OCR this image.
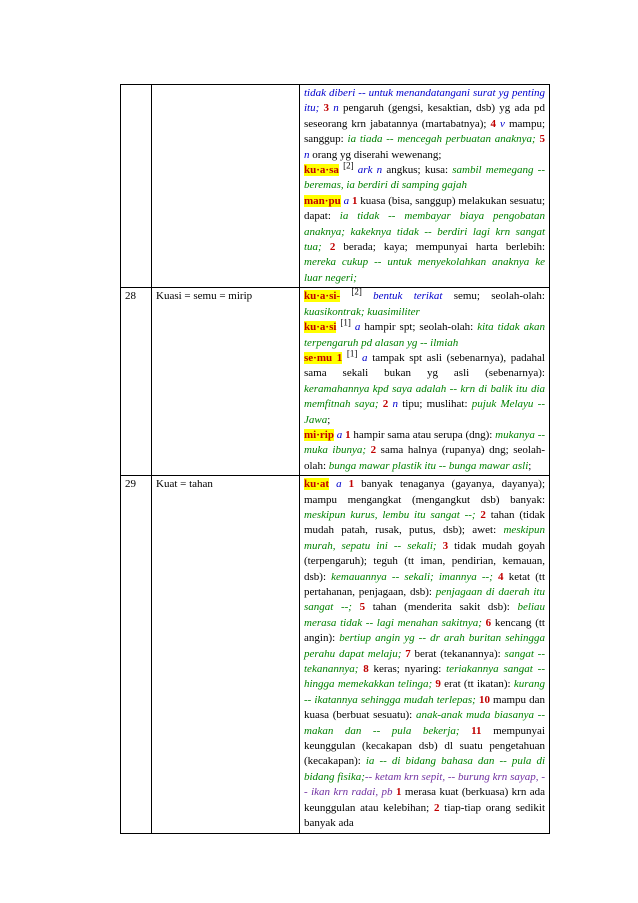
		tidak diberi -- untuk menandatangani surat yg penting itu; 3 n pengaruh (gengsi, kesaktian, dsb) yg ada pd seseorang krn jabatannya (martabatnya); 4 v mampu; sanggup: ia tiada -- mencegah perbuatan anaknya; 5 n orang yg diserahi wewenang;
ku·a·sa [2] ark n angkus; kusa: sambil memegang -- beremas, ia berdiri di samping gajah
man·pu a 1 kuasa (bisa, sanggup) melakukan sesuatu; dapat: ia tidak -- membayar biaya pengobatan anaknya; kakeknya tidak -- berdiri lagi krn sangat tua; 2 berada; kaya; mempunyai harta berlebih: mereka cukup -- untuk menyekolahkan anaknya ke luar negeri;
28	Kuasi = semu = mirip	ku·a·si- [2] bentuk terikat semu; seolah-olah: kuasikontrak; kuasimiliter
ku·a·si [1] a hampir spt; seolah-olah: kita tidak akan terpengaruh pd alasan yg -- ilmiah
se·mu 1 [1] a tampak spt asli (sebenarnya), padahal sama sekali bukan yg asli (sebenarnya): keramahannya kpd saya adalah -- krn di balik itu dia memfitnah saya; 2 n tipu; muslihat: pujuk Melayu -- Jawa;
mi·rip a 1 hampir sama atau serupa (dng): mukanya -- muka ibunya; 2 sama halnya (rupanya) dng; seolah-olah: bunga mawar plastik itu -- bunga mawar asli;
29	Kuat = tahan	ku·at a 1 banyak tenaganya (gayanya, dayanya); mampu mengangkat (mengangkut dsb) banyak: meskipun kurus, lembu itu sangat --; 2 tahan (tidak mudah patah, rusak, putus, dsb); awet: meskipun murah, sepatu ini -- sekali; 3 tidak mudah goyah (terpengaruh); teguh (tt iman, pendirian, kemauan, dsb): kemauannya -- sekali; imannya --; 4 ketat (tt pertahanan, penjagaan, dsb): penjagaan di daerah itu sangat --; 5 tahan (menderita sakit dsb): beliau merasa tidak -- lagi menahan sakitnya; 6 kencang (tt angin): bertiup angin yg -- dr arah buritan sehingga perahu dapat melaju; 7 berat (tekanannya): sangat -- tekanannya; 8 keras; nyaring: teriakannya sangat -- hingga memekakkan telinga; 9 erat (tt ikatan): kurang -- ikatannya sehingga mudah terlepas; 10 mampu dan kuasa (berbuat sesuatu): anak-anak muda biasanya -- makan dan -- pula bekerja; 11 mempunyai keunggulan (kecakapan dsb) dl suatu pengetahuan (kecakapan): ia -- di bidang bahasa dan -- pula di bidang fisika;-- ketam krn sepit, -- burung krn sayap, -- ikan krn radai, pb 1 merasa kuat (berkuasa) krn ada keunggulan atau kelebihan; 2 tiap-tiap orang sedikit banyak ada
